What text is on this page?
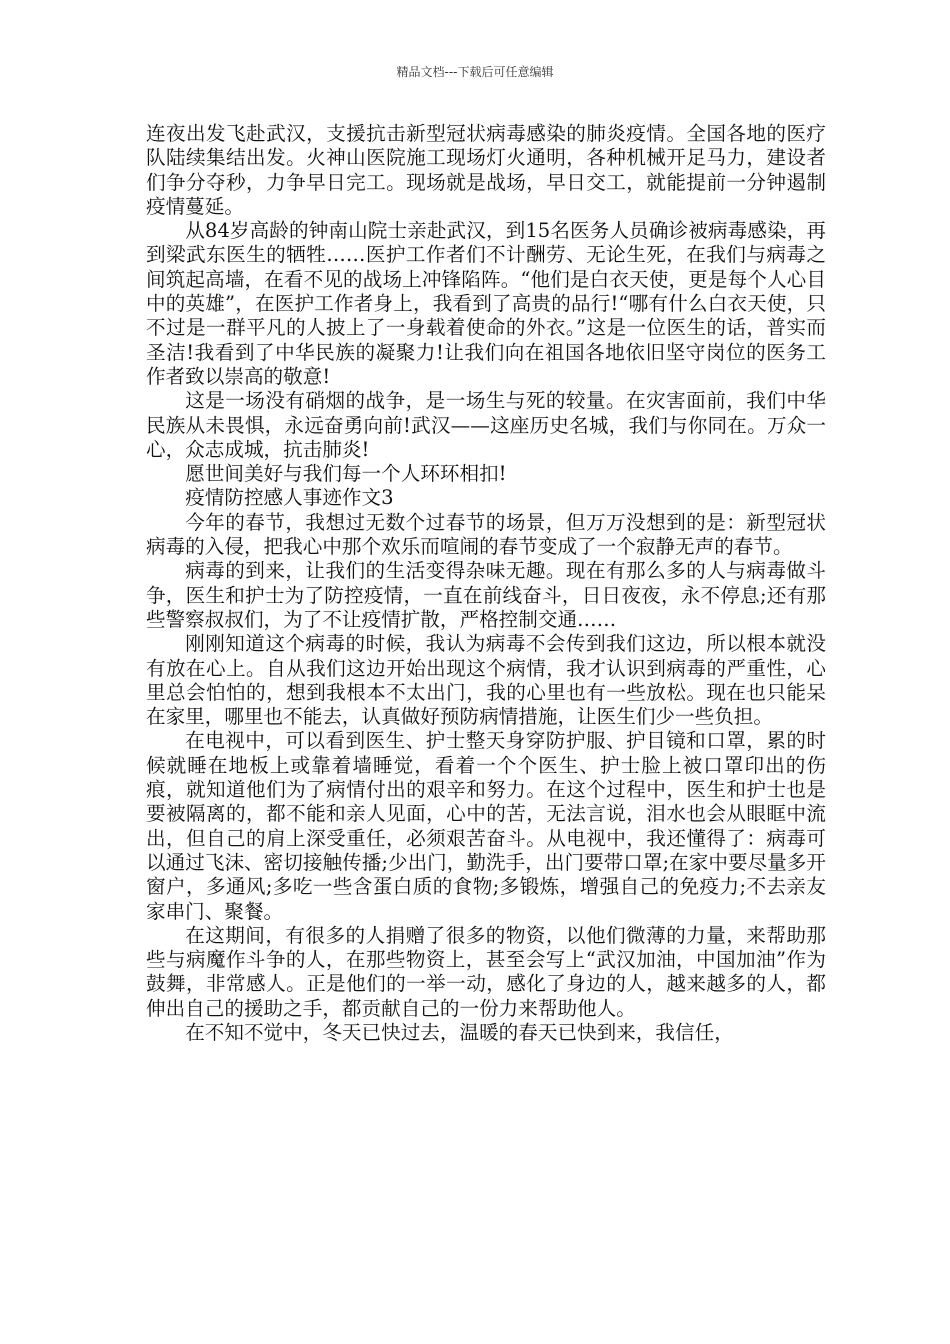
精品文档---下载后可任意编辑

连夜出发飞赴武汉，支援抗击新型冠状病毒感染的肺炎疫情。全国各地的医疗队陆续集结出发。火神山医院施工现场灯火通明，各种机械开足马力，建设者们争分夺秒，力争早日完工。现场就是战场，早日交工，就能提前一分钟遏制疫情蔓延。

从84岁高龄的钟南山院士亲赴武汉，到15名医务人员确诊被病毒感染，再到梁武东医生的牺牲……医护工作者们不计酬劳、无论生死，在我们与病毒之间筑起高墙，在看不见的战场上冲锋陷阵。“他们是白衣天使，更是每个人心目中的英雄”，在医护工作者身上，我看到了高贵的品行!“哪有什么白衣天使，只不过是一群平凡的人披上了一身载着使命的外衣。”这是一位医生的话，普实而圣洁!我看到了中华民族的凝聚力!让我们向在祖国各地依旧坚守岗位的医务工作者致以崇高的敬意!

这是一场没有硝烟的战争，是一场生与死的较量。在灾害面前，我们中华民族从未畏惧，永远奋勇向前!武汉——这座历史名城，我们与你同在。万众一心，众志成城，抗击肺炎!

愿世间美好与我们每一个人环环相扣!

疫情防控感人事迹作文3

今年的春节，我想过无数个过春节的场景，但万万没想到的是：新型冠状病毒的入侵，把我心中那个欢乐而喧闹的春节变成了一个寂静无声的春节。

病毒的到来，让我们的生活变得杂味无趣。现在有那么多的人与病毒做斗争，医生和护士为了防控疫情，一直在前线奋斗，日日夜夜，永不停息;还有那些警察叔叔们，为了不让疫情扩散，严格控制交通……

刚刚知道这个病毒的时候，我认为病毒不会传到我们这边，所以根本就没有放在心上。自从我们这边开始出现这个病情，我才认识到病毒的严重性，心里总会怕怕的，想到我根本不太出门，我的心里也有一些放松。现在也只能呆在家里，哪里也不能去，认真做好预防病情措施，让医生们少一些负担。

在电视中，可以看到医生、护士整天身穿防护服、护目镜和口罩，累的时候就睡在地板上或靠着墙睡觉，看着一个个医生、护士脸上被口罩印出的伤痕，就知道他们为了病情付出的艰辛和努力。在这个过程中，医生和护士也是要被隔离的，都不能和亲人见面，心中的苦，无法言说，泪水也会从眼眶中流出，但自己的肩上深受重任，必须艰苦奋斗。从电视中，我还懂得了：病毒可以通过飞沫、密切接触传播;少出门，勤洗手，出门要带口罩;在家中要尽量多开窗户，多通风;多吃一些含蛋白质的食物;多锻炼，增强自己的免疫力;不去亲友家串门、聚餐。

在这期间，有很多的人捐赠了很多的物资，以他们微薄的力量，来帮助那些与病魔作斗争的人，在那些物资上，甚至会写上“武汉加油，中国加油”作为鼓舞，非常感人。正是他们的一举一动，感化了身边的人，越来越多的人，都伸出自己的援助之手，都贡献自己的一份力来帮助他人。

在不知不觉中，冬天已快过去，温暖的春天已快到来，我信任，
